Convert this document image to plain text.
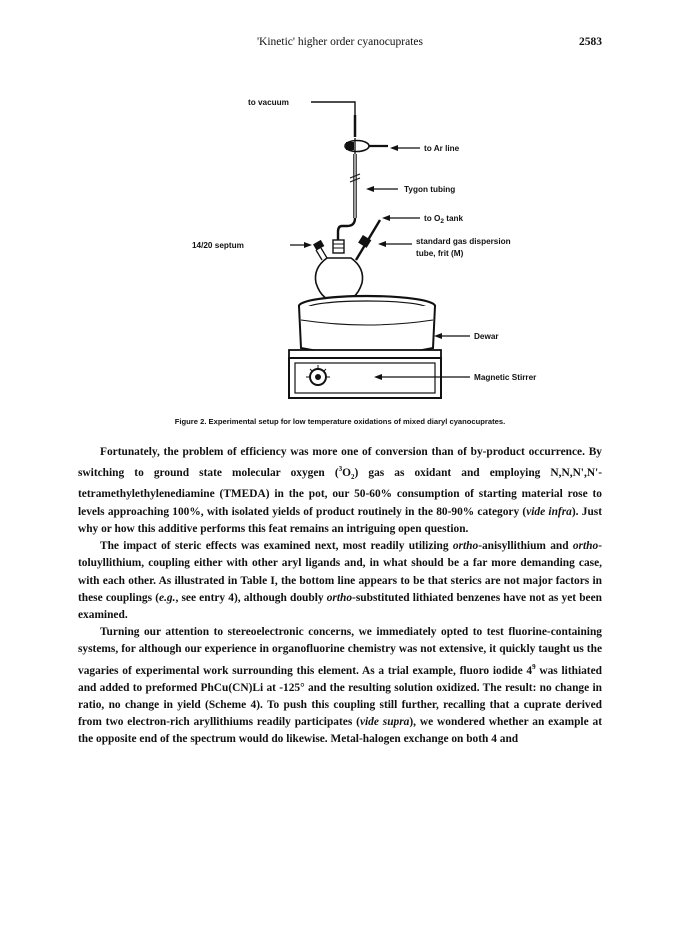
'Kinetic' higher order cyanocuprates	2583
to Ar line
Tygon tubing
to $O_2$ tank
14/20 septum	standard gas dispersion
tube, frit (M)
Dewar
Magnetic Stirrer
to vacuum
Figure 2. Experimental setup for low temperature oxidations of mixed diaryl cyanocuprates.

Fortunately, the problem of efficiency was more one of conversion than of by-product occurrence. By switching to ground state molecular oxygen $(^3O_2)$ gas as oxidant and employing N,N,N',N'-tetramethylethylenediamine (TMEDA) in the pot, our 50-60% consumption of starting material rose to levels approaching 100%, with isolated yields of product routinely in the 80-90% category (vide infra). Just why or how this additive performs this feat remains an intriguing open question.

The impact of steric effects was examined next, most readily utilizing ortho-anisyllithium and ortho-toluyllithium, coupling either with other aryl ligands and, in what should be a far more demanding case, with each other. As illustrated in Table I, the bottom line appears to be that sterics are not major factors in these couplings (e.g., see entry 4), although doubly ortho-substituted lithiated benzenes have not as yet been examined.

Turning our attention to stereoelectronic concerns, we immediately opted to test fluorine-containing systems, for although our experience in organofluorine chemistry was not extensive, it quickly taught us the vagaries of experimental work surrounding this element. As a trial example, fluoro iodide $4^9$ was lithiated and added to preformed PhCu(CN)Li at -125° and the resulting solution oxidized. The result: no change in ratio, no change in yield (Scheme 4). To push this coupling still further, recalling that a cuprate derived from two electron-rich aryllithiums readily participates (vide supra), we wondered whether an example at the opposite end of the spectrum would do likewise. Metal-halogen exchange on both 4 and
